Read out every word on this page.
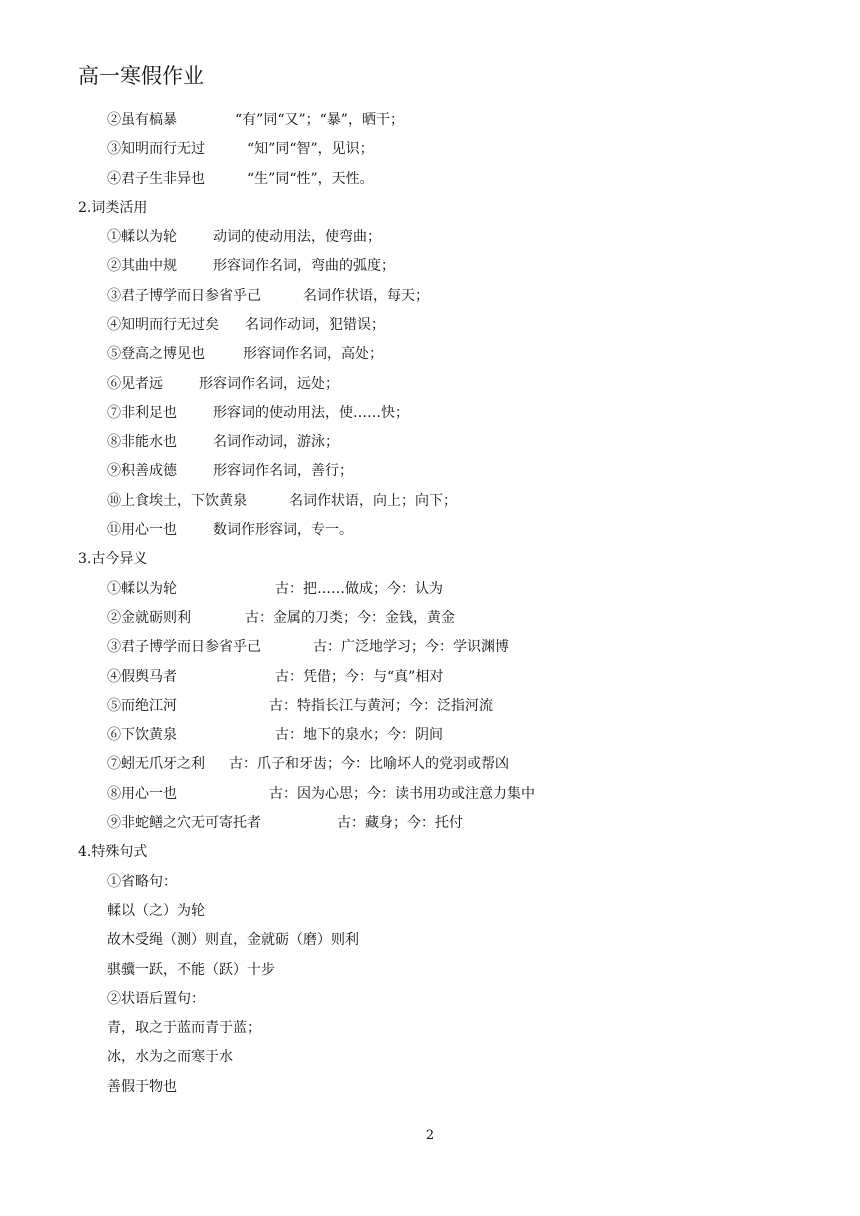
高一寒假作业
②虽有槁暴	“有”同“又”；“暴”，晒干；
③知明而行无过	“知”同“智”，见识；
④君子生非异也	“生”同“性”，天性。
2.词类活用
①輮以为轮	动词的使动用法，使弯曲；
②其曲中规	形容词作名词，弯曲的弧度；
③君子博学而日参省乎己	名词作状语，每天；
④知明而行无过矣 名词作动词，犯错误；
⑤登高之博见也	形容词作名词，高处；
⑥见者远	形容词作名词，远处；
⑦非利足也	形容词的使动用法，使……快；
⑧非能水也	名词作动词，游泳；
⑨积善成德	形容词作名词，善行；
⑩上食埃土，下饮黄泉	名词作状语，向上；向下；
⑪用心一也	数词作形容词，专一。
3.古今异义
①輮以为轮	古：把……做成；今：认为
②金就砺则利	古：金属的刀类；今：金钱，黄金
③君子博学而日参省乎己	古：广泛地学习；今：学识渊博
④假舆马者	古：凭借；今：与“真”相对
⑤而绝江河	古：特指长江与黄河；今：泛指河流
⑥下饮黄泉	古：地下的泉水；今：阴间
⑦蚓无爪牙之利 古：爪子和牙齿；今：比喻坏人的党羽或帮凶
⑧用心一也	古：因为心思；今：读书用功或注意力集中
⑨非蛇鳝之穴无可寄托者	古：藏身；今：托付
4.特殊句式
①省略句：
輮以（之）为轮
故木受绳（测）则直，金就砺（磨）则利
骐骥一跃，不能（跃）十步
②状语后置句：
青，取之于蓝而青于蓝；
冰，水为之而寒于水
善假于物也
2
